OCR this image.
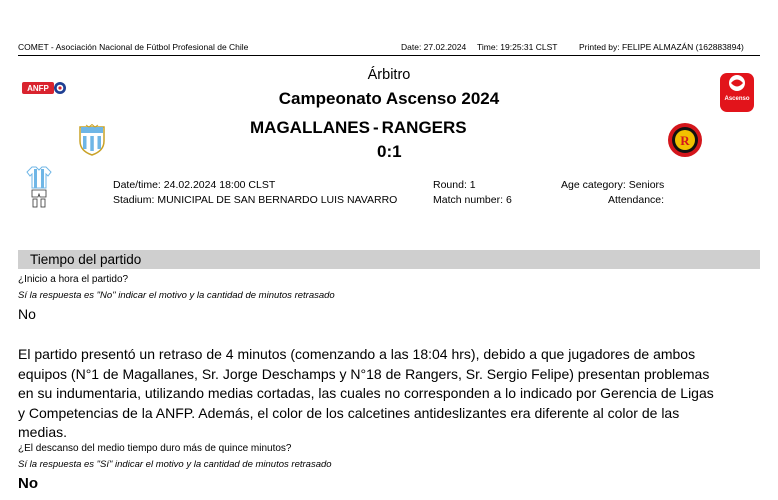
COMET - Asociación Nacional de Fútbol Profesional de Chile	Date: 27.02.2024 Time: 19:25:31 CLST	Printed by: FELIPE ALMAZÁN (162883894)
ANFP
Ascenso
Árbitro
Campeonato Ascenso 2024
MAGALLANES - RANGERS
0:1
R
Date/time: 24.02.2024 18:00 CLST
Stadium: MUNICIPAL DE SAN BERNARDO LUIS NAVARRO
Round: 1
Match number: 6
Age category: Seniors
Attendance:
Tiempo del partido
¿Inicio a hora el partido?
Sí la respuesta es "No" indicar el motivo y la cantidad de minutos retrasado
No
El partido presentó un retraso de 4 minutos (comenzando a las 18:04 hrs), debido a que jugadores de ambos
equipos (N°1 de Magallanes, Sr. Jorge Deschamps y N°18 de Rangers, Sr. Sergio Felipe) presentan problemas
en su indumentaria, utilizando medias cortadas, las cuales no corresponden a lo indicado por Gerencia de Ligas
y Competencias de la ANFP. Además, el color de los calcetines antideslizantes era diferente al color de las
medias.
¿El descanso del medio tiempo duro más de quince minutos?
Sí la respuesta es "Sí" indicar el motivo y la cantidad de minutos retrasado
No
